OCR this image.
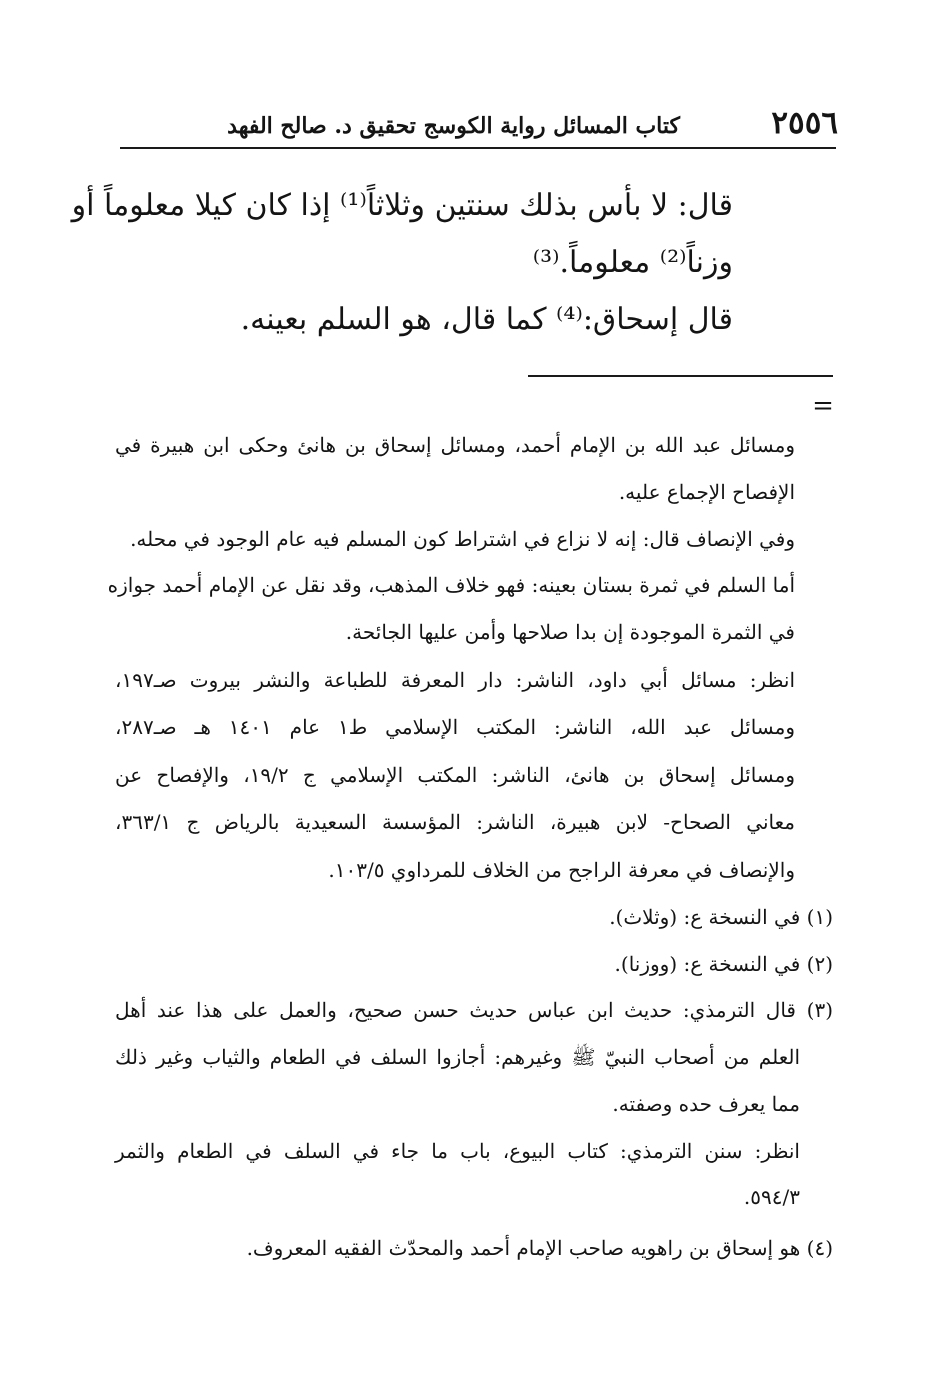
٢٥٥٦
كتاب المسائل رواية الكوسج تحقيق د. صالح الفهد
قال: لا بأس بذلك سنتين وثلاثاً⁽¹⁾ إذا كان كيلا معلوماً أو
وزناً⁽²⁾ معلوماً.⁽³⁾
قال إسحاق:⁽⁴⁾ كما قال، هو السلم بعينه.
=
ومسائل عبد الله بن الإمام أحمد، ومسائل إسحاق بن هانئ وحكى ابن هبيرة في
الإفصاح الإجماع عليه.
وفي الإنصاف قال: إنه لا نزاع في اشتراط كون المسلم فيه عام الوجود في محله.
أما السلم في ثمرة بستان بعينه: فهو خلاف المذهب، وقد نقل عن الإمام أحمد جوازه
في الثمرة الموجودة إن بدا صلاحها وأمن عليها الجائحة.
انظر: مسائل أبي داود، الناشر: دار المعرفة للطباعة والنشر بيروت صـ١٩٧،
ومسائل عبد الله، الناشر: المكتب الإسلامي ط١ عام ١٤٠١ هـ صـ٢٨٧،
ومسائل إسحاق بن هانئ، الناشر: المكتب الإسلامي ج ١٩/٢، والإفصاح عن
معاني الصحاح- لابن هبيرة، الناشر: المؤسسة السعيدية بالرياض ج ٣٦٣/١،
والإنصاف في معرفة الراجح من الخلاف للمرداوي ١٠٣/٥.
(١) في النسخة ع: (وثلاث).
(٢) في النسخة ع: (ووزنا).
(٣) قال الترمذي: حديث ابن عباس حديث حسن صحيح، والعمل على هذا عند أهل
العلم من أصحاب النبيّ ﷺ وغيرهم: أجازوا السلف في الطعام والثياب وغير ذلك
مما يعرف حده وصفته.
انظر: سنن الترمذي: كتاب البيوع، باب ما جاء في السلف في الطعام والثمر
٥٩٤/٣.
(٤) هو إسحاق بن راهويه صاحب الإمام أحمد والمحدّث الفقيه المعروف.
